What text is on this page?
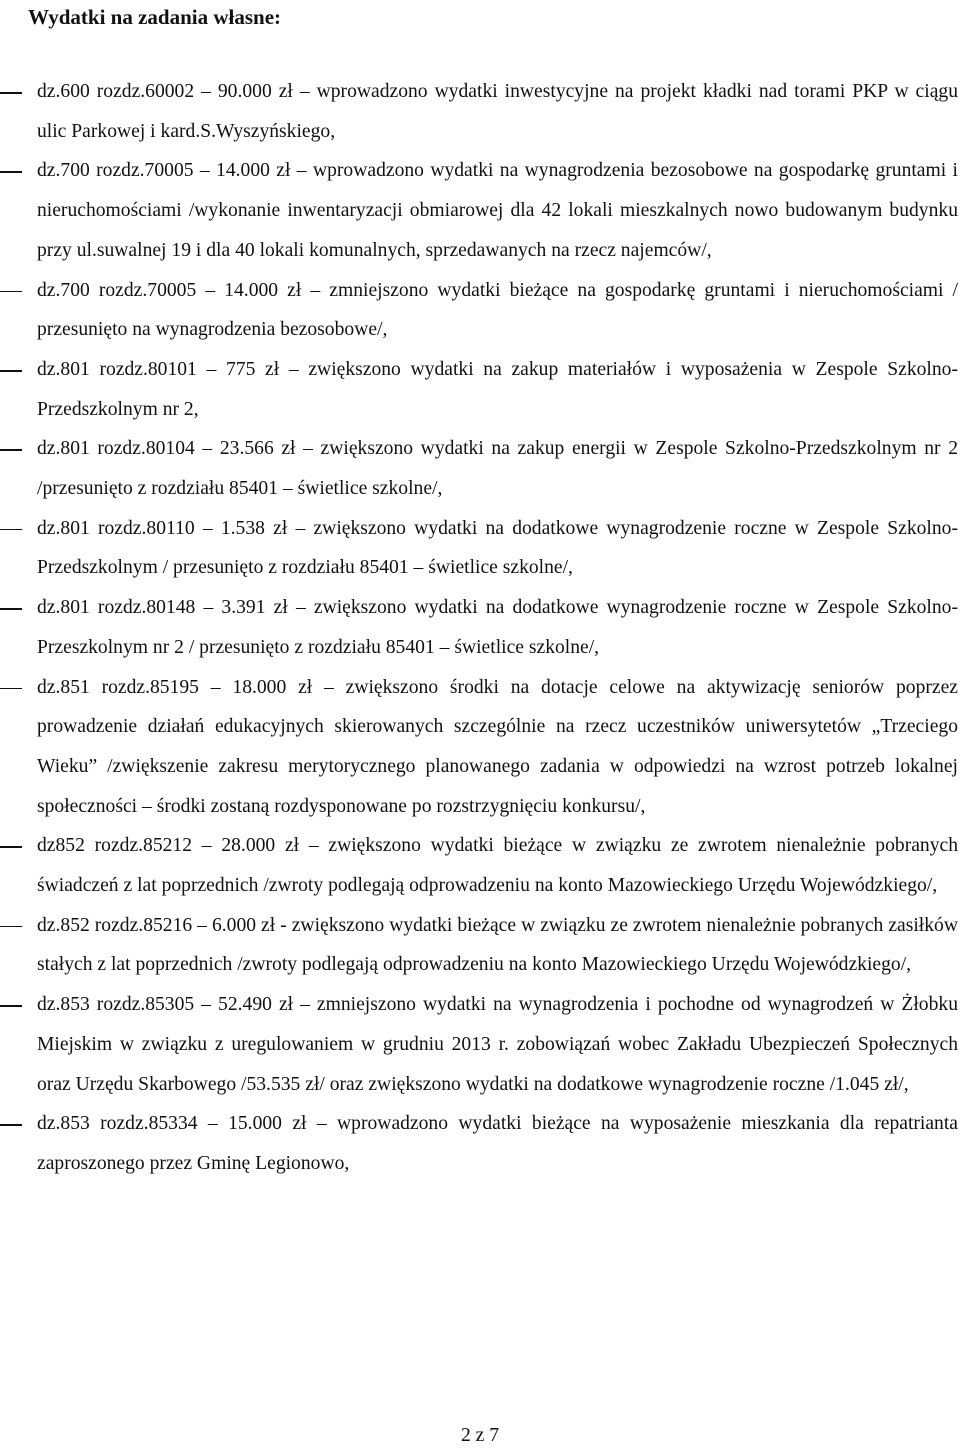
Wydatki na zadania własne:
dz.600 rozdz.60002 – 90.000 zł – wprowadzono wydatki inwestycyjne na projekt kładki nad torami PKP w ciągu ulic Parkowej i kard.S.Wyszyńskiego,
dz.700 rozdz.70005 – 14.000 zł – wprowadzono wydatki na wynagrodzenia bezosobowe na gospodarkę gruntami i nieruchomościami /wykonanie inwentaryzacji obmiarowej dla 42 lokali mieszkalnych nowo budowanym budynku przy ul.suwalnej 19 i dla 40 lokali komunalnych, sprzedawanych na rzecz najemców/,
dz.700 rozdz.70005 – 14.000 zł – zmniejszono wydatki bieżące na gospodarkę gruntami i nieruchomościami / przesunięto na wynagrodzenia bezosobowe/,
dz.801 rozdz.80101 – 775 zł – zwiększono wydatki na zakup materiałów i wyposażenia w Zespole Szkolno-Przedszkolnym nr 2,
dz.801 rozdz.80104 – 23.566 zł – zwiększono wydatki na zakup energii w Zespole Szkolno-Przedszkolnym nr 2 /przesunięto z rozdziału 85401 – świetlice szkolne/,
dz.801 rozdz.80110 – 1.538 zł – zwiększono wydatki na dodatkowe wynagrodzenie roczne w Zespole Szkolno-Przedszkolnym / przesunięto z rozdziału 85401 – świetlice szkolne/,
dz.801 rozdz.80148 – 3.391 zł – zwiększono wydatki na dodatkowe wynagrodzenie roczne w Zespole Szkolno-Przeszkolnym nr 2 / przesunięto z rozdziału 85401 – świetlice szkolne/,
dz.851 rozdz.85195 – 18.000 zł – zwiększono środki na dotacje celowe na aktywizację seniorów poprzez prowadzenie działań edukacyjnych skierowanych szczególnie na rzecz uczestników uniwersytetów „Trzeciego Wieku” /zwiększenie zakresu merytorycznego planowanego zadania w odpowiedzi na wzrost potrzeb lokalnej społeczności – środki zostaną rozdysponowane po rozstrzygnięciu konkursu/,
dz852 rozdz.85212 – 28.000 zł – zwiększono wydatki bieżące w związku ze zwrotem nienależnie pobranych świadczeń z lat poprzednich /zwroty podlegają odprowadzeniu na konto Mazowieckiego Urzędu Wojewódzkiego/,
dz.852 rozdz.85216 – 6.000 zł - zwiększono wydatki bieżące w związku ze zwrotem nienależnie pobranych zasiłków stałych z lat poprzednich /zwroty podlegają odprowadzeniu na konto Mazowieckiego Urzędu Wojewódzkiego/,
dz.853 rozdz.85305 – 52.490 zł – zmniejszono wydatki na wynagrodzenia i pochodne od wynagrodzeń w Żłobku Miejskim w związku z uregulowaniem w grudniu 2013 r. zobowiązań wobec Zakładu Ubezpieczeń Społecznych oraz Urzędu Skarbowego /53.535 zł/ oraz zwiększono wydatki na dodatkowe wynagrodzenie roczne /1.045 zł/,
dz.853 rozdz.85334 – 15.000 zł – wprowadzono wydatki bieżące na wyposażenie mieszkania dla repatrianta zaproszonego przez Gminę Legionowo,
2 z 7
